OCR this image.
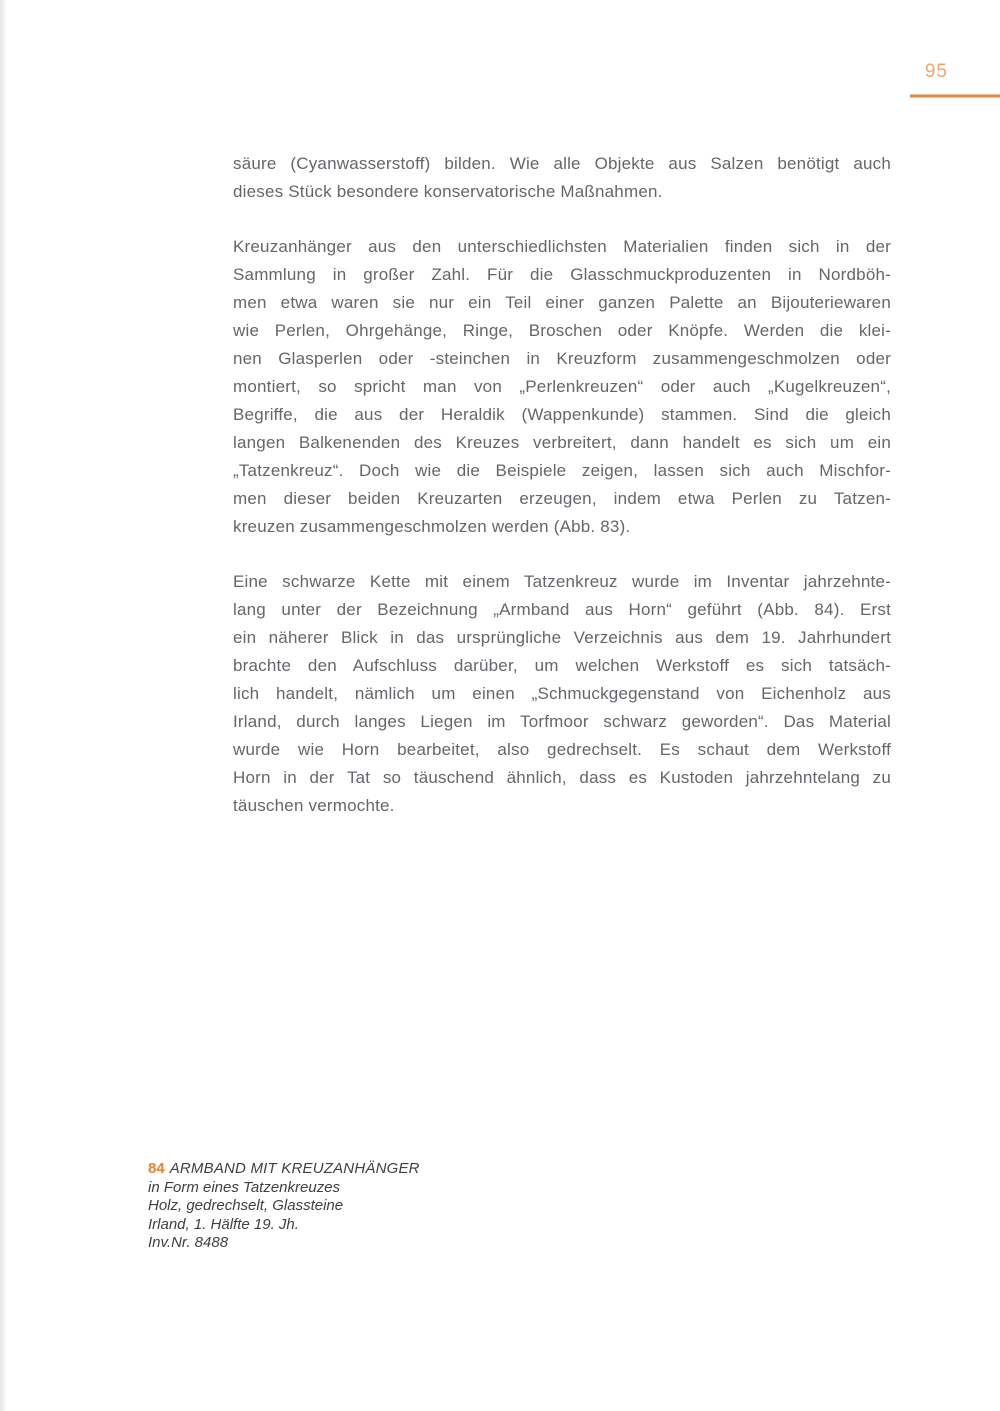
95
säure (Cyanwasserstoff) bilden. Wie alle Objekte aus Salzen benötigt auch
dieses Stück besondere konservatorische Maßnahmen.
Kreuzanhänger aus den unterschiedlichsten Materialien finden sich in der
Sammlung in großer Zahl. Für die Glasschmuckproduzenten in Nordböh-
men etwa waren sie nur ein Teil einer ganzen Palette an Bijouteriewaren
wie Perlen, Ohrgehänge, Ringe, Broschen oder Knöpfe. Werden die klei-
nen Glasperlen oder -steinchen in Kreuzform zusammengeschmolzen oder
montiert, so spricht man von „Perlenkreuzen“ oder auch „Kugelkreuzen“,
Begriffe, die aus der Heraldik (Wappenkunde) stammen. Sind die gleich
langen Balkenenden des Kreuzes verbreitert, dann handelt es sich um ein
„Tatzenkreuz“. Doch wie die Beispiele zeigen, lassen sich auch Mischfor-
men dieser beiden Kreuzarten erzeugen, indem etwa Perlen zu Tatzen-
kreuzen zusammengeschmolzen werden (Abb. 83).
Eine schwarze Kette mit einem Tatzenkreuz wurde im Inventar jahrzehnte-
lang unter der Bezeichnung „Armband aus Horn“ geführt (Abb. 84). Erst
ein näherer Blick in das ursprüngliche Verzeichnis aus dem 19. Jahrhundert
brachte den Aufschluss darüber, um welchen Werkstoff es sich tatsäch-
lich handelt, nämlich um einen „Schmuckgegenstand von Eichenholz aus
Irland, durch langes Liegen im Torfmoor schwarz geworden“. Das Material
wurde wie Horn bearbeitet, also gedrechselt. Es schaut dem Werkstoff
Horn in der Tat so täuschend ähnlich, dass es Kustoden jahrzehntelang zu
täuschen vermochte.
84 ARMBAND MIT KREUZANHÄNGER
in Form eines Tatzenkreuzes
Holz, gedrechselt, Glassteine
Irland, 1. Hälfte 19. Jh.
Inv.Nr. 8488
